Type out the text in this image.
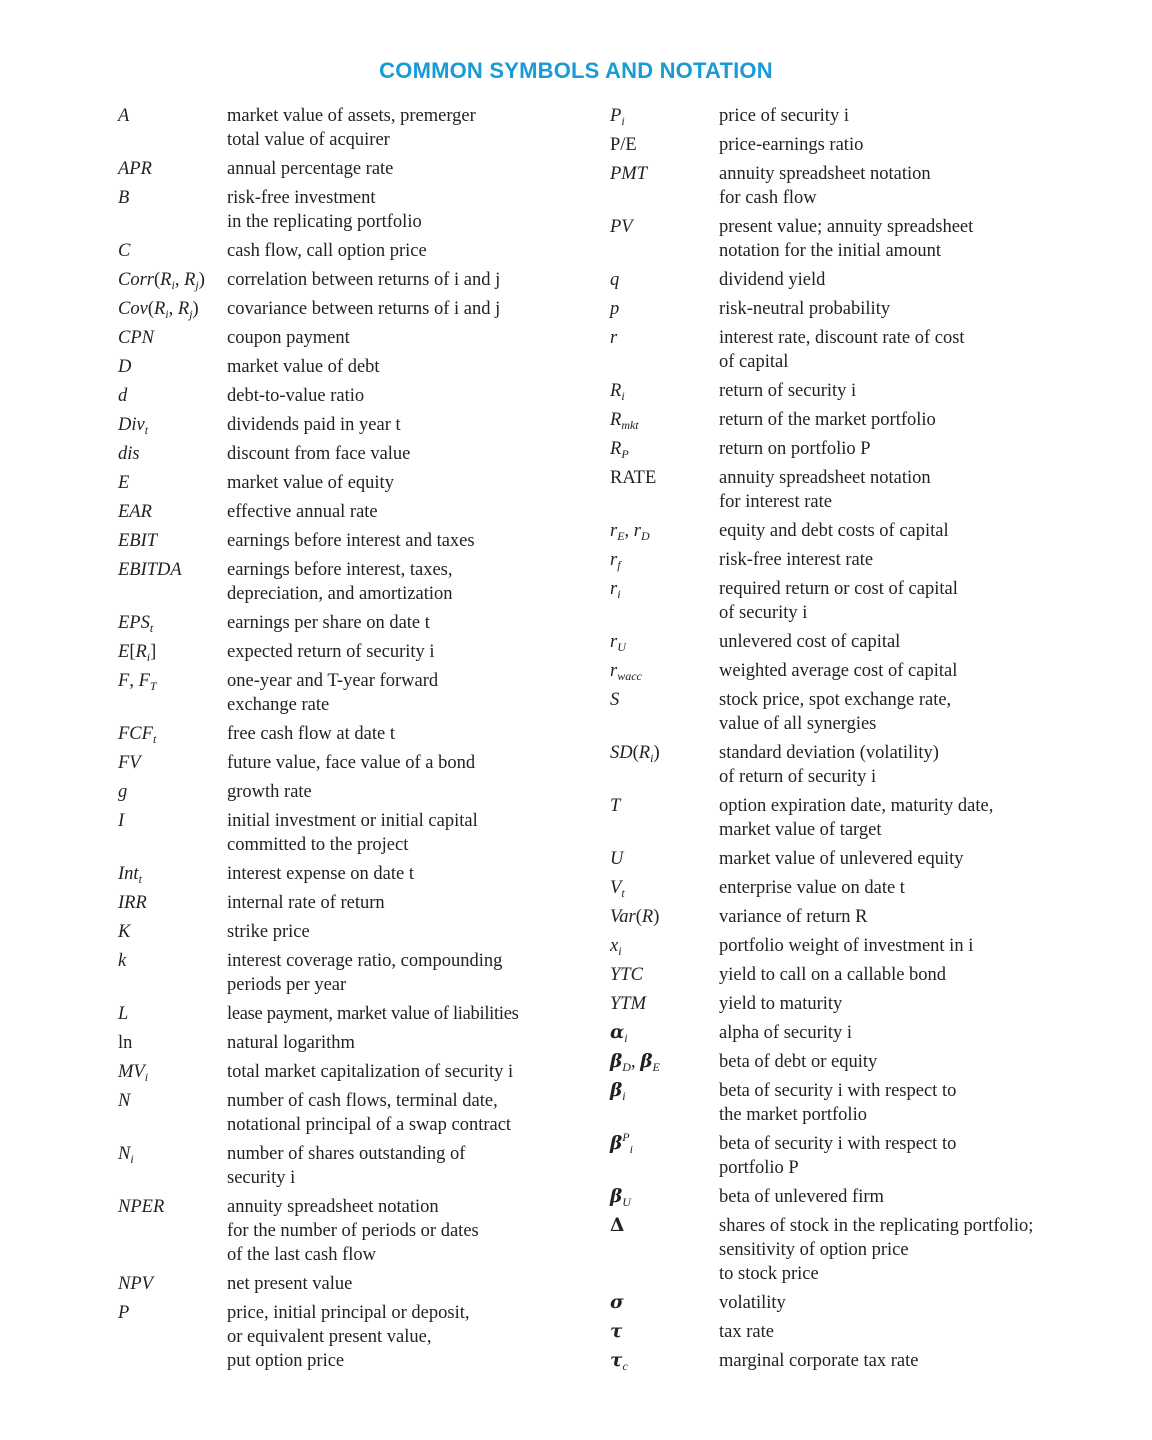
COMMON SYMBOLS AND NOTATION
A	market value of assets, premerger
total value of acquirer
APR	annual percentage rate
B	risk-free investment
in the replicating portfolio
C	cash flow, call option price
$Corr(R_i$, $R_j$)	correlation between returns of i and j
$Cov(R_i$, $R_j$)	covariance between returns of i and j
CPN	coupon payment
D	market value of debt
d	debt-to-value ratio
Div$_t$	dividends paid in year t
dis	discount from face value
E	market value of equity
EAR	effective annual rate
EBIT	earnings before interest and taxes
EBITDA	earnings before interest, taxes,
depreciation, and amortization
$EPS_t$	earnings per share on date t
$E[R_i]$	expected return of security i
F, $F_T$	one-year and T-year forward
exchange rate
$FCF_t$	free cash flow at date t
FV	future value, face value of a bond
g	growth rate
I	initial investment or initial capital
committed to the project
Int$_t$	interest expense on date t
IRR	internal rate of return
K	strike price
k	interest coverage ratio, compounding
periods per year
L	lease payment, market value of liabilities
ln	natural logarithm
$MV_i$	total market capitalization of security i
N	number of cash flows, terminal date,
notational principal of a swap contract
$N_i$	number of shares outstanding of
security i
NPER	annuity spreadsheet notation
for the number of periods or dates
of the last cash flow
NPV	net present value
P	price, initial principal or deposit,
or equivalent present value,
put option price
$P_i$	price of security i
P/E	price-earnings ratio
PMT	annuity spreadsheet notation
for cash flow
PV	present value; annuity spreadsheet
notation for the initial amount
q	dividend yield
p	risk-neutral probability
r	interest rate, discount rate of cost
of capital
$R_i$	return of security i
$R_{mkt}$	return of the market portfolio
$R_P$	return on portfolio P
RATE	annuity spreadsheet notation
for interest rate
$r_E$, $r_D$	equity and debt costs of capital
$r_f$	risk-free interest rate
$r_i$	required return or cost of capital
of security i
$r_U$	unlevered cost of capital
$r_{wacc}$	weighted average cost of capital
S	stock price, spot exchange rate,
value of all synergies
$SD(R_i)$	standard deviation (volatility)
of return of security i
T	option expiration date, maturity date,
market value of target
U	market value of unlevered equity
$V_t$	enterprise value on date t
Var(R)	variance of return R
$x_i$	portfolio weight of investment in i
YTC	yield to call on a callable bond
YTM	yield to maturity
$\alpha_i$	alpha of security i
$\beta_D$, $\beta_E$	beta of debt or equity
$\beta_i$	beta of security i with respect to
the market portfolio
$\beta^P_i$	beta of security i with respect to
portfolio P
$\beta_U$	beta of unlevered firm
Δ	shares of stock in the replicating portfolio;
sensitivity of option price
to stock price
σ	volatility
τ	tax rate
$\tau_c$	marginal corporate tax rate
